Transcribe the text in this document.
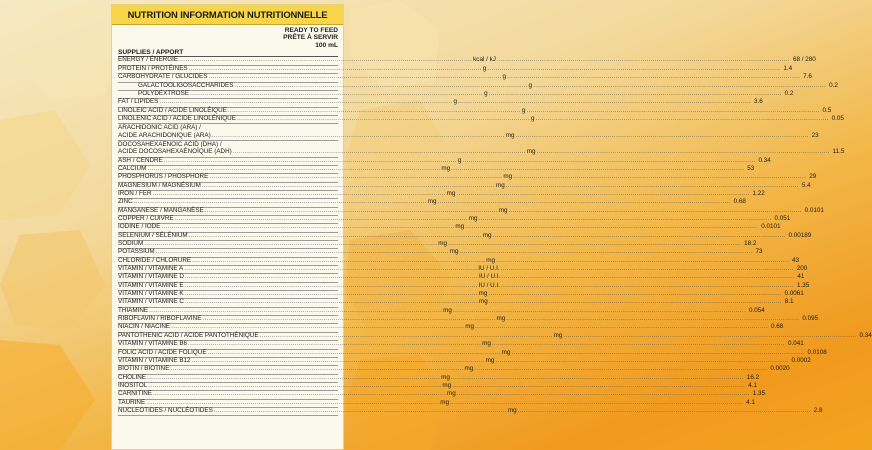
NUTRITION INFORMATION NUTRITIONNELLE
READY TO FEED
PRÊTE À SERVIR
100 mL
SUPPLIES / APPORT
ENERGY / ÉNERGIE .....	kcal / kJ .....	68 / 280
PROTEIN / PROTÉINES .....	g .....	1.4
CARBOHYDRATE / GLUCIDES .....	g .....	7.6
GALACTOOLIGOSACCHARIDES .....	g .....	0.2
POLYDEXTROSE .....	g .....	0.2
FAT / LIPIDES .....	g .....	3.6
LINOLEIC ACID / ACIDE LINOLÉIQUE .....	g .....	0.5
LINOLENIC ACID / ACIDE LINOLÉNIQUE .....	g .....	0.05
ARACHIDONIC ACID (ARA) /
ACIDE ARACHIDONIQUE (ARA) .....	mg .....	23
DOCOSAHEXAENOIC ACID (DHA) /
ACIDE DOCOSAHEXAÉNOÏQUE (ADH) .....	mg .....	11.5
ASH / CENDRE .....	g .....	0.34
CALCIUM .....	mg .....	53
PHOSPHORUS / PHOSPHORE .....	mg .....	29
MAGNESIUM / MAGNÉSIUM .....	mg .....	5.4
IRON / FER .....	mg .....	1.22
ZINC .....	mg .....	0.68
MANGANESE / MANGANÈSE .....	mg .....	0.0101
COPPER / CUIVRE .....	mg .....	0.051
IODINE / IODE .....	mg .....	0.0101
SELENIUM / SÉLÉNIUM .....	mg .....	0.00189
SODIUM .....	mg .....	18.2
POTASSIUM .....	mg .....	73
CHLORIDE / CHLORURE .....	mg .....	43
VITAMIN / VITAMINE A .....	IU / U.I. .....	200
VITAMIN / VITAMINE D .....	IU / U.I. .....	41
VITAMIN / VITAMINE E .....	IU / U.I. .....	1.35
VITAMIN / VITAMINE K .....	mg .....	0.0061
VITAMIN / VITAMINE C .....	mg .....	8.1
THIAMINE .....	mg .....	0.054
RIBOFLAVIN / RIBOFLAVINE .....	mg .....	0.095
NIACIN / NIACINE .....	mg .....	0.68
PANTOTHENIC ACID / ACIDE PANTOTHÉNIQUE .....	mg .....	0.34
VITAMIN / VITAMINE B6 .....	mg .....	0.041
FOLIC ACID / ACIDE FOLIQUE .....	mg .....	0.0108
VITAMIN / VITAMINE B12 .....	mg .....	0.0002
BIOTIN / BIOTINE .....	mg .....	0.0020
CHOLINE .....	mg .....	16.2
INOSITOL .....	mg .....	4.1
CARNITINE .....	mg .....	1.35
TAURINE .....	mg .....	4.1
NUCLEOTIDES / NUCLÉOTIDES .....	mg .....	2.8
